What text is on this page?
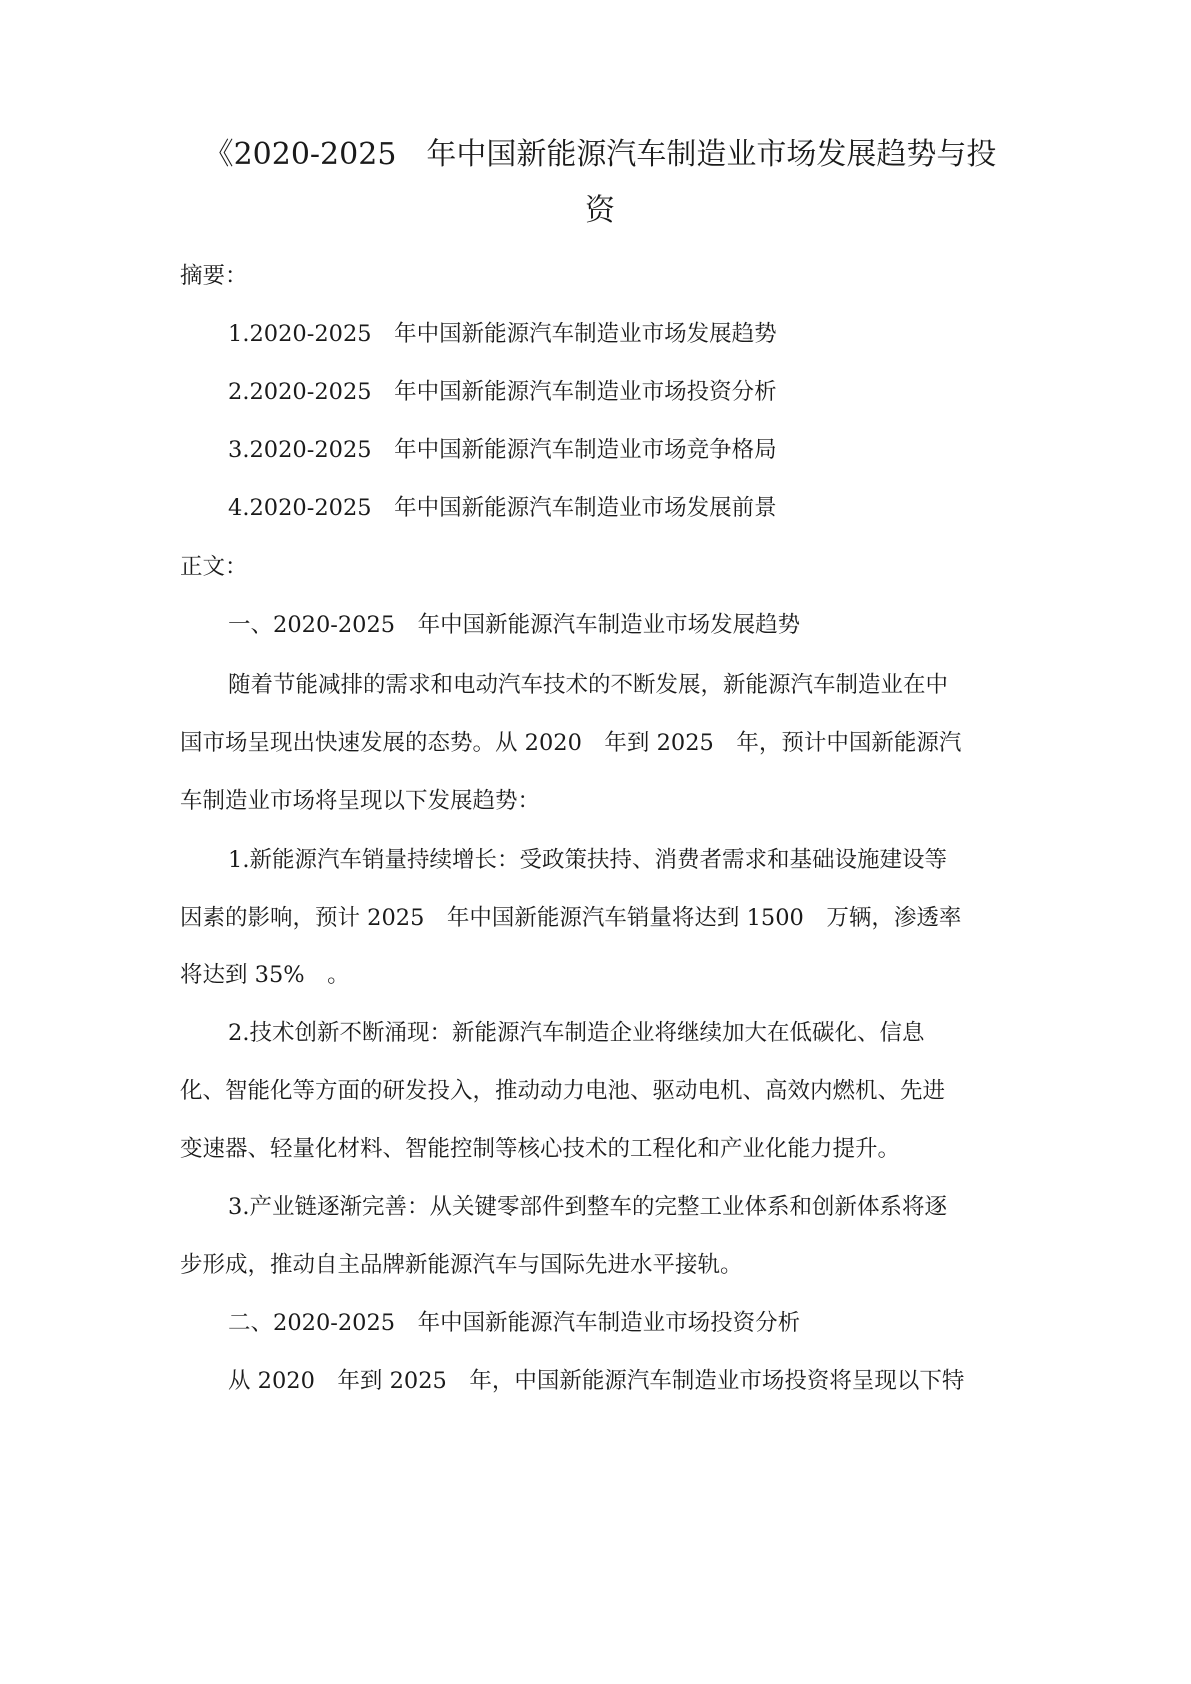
《2020-2025　年中国新能源汽车制造业市场发展趋势与投
资

摘要：

1.2020-2025　年中国新能源汽车制造业市场发展趋势

2.2020-2025　年中国新能源汽车制造业市场投资分析

3.2020-2025　年中国新能源汽车制造业市场竞争格局

4.2020-2025　年中国新能源汽车制造业市场发展前景

正文：

一、2020-2025　年中国新能源汽车制造业市场发展趋势

随着节能减排的需求和电动汽车技术的不断发展，新能源汽车制造业在中

国市场呈现出快速发展的态势。从 2020　年到 2025　年，预计中国新能源汽

车制造业市场将呈现以下发展趋势：

1.新能源汽车销量持续增长：受政策扶持、消费者需求和基础设施建设等

因素的影响，预计 2025　年中国新能源汽车销量将达到 1500　万辆，渗透率

将达到 35%　。

2.技术创新不断涌现：新能源汽车制造企业将继续加大在低碳化、信息

化、智能化等方面的研发投入，推动动力电池、驱动电机、高效内燃机、先进

变速器、轻量化材料、智能控制等核心技术的工程化和产业化能力提升。

3.产业链逐渐完善：从关键零部件到整车的完整工业体系和创新体系将逐

步形成，推动自主品牌新能源汽车与国际先进水平接轨。

二、2020-2025　年中国新能源汽车制造业市场投资分析

从 2020　年到 2025　年，中国新能源汽车制造业市场投资将呈现以下特
